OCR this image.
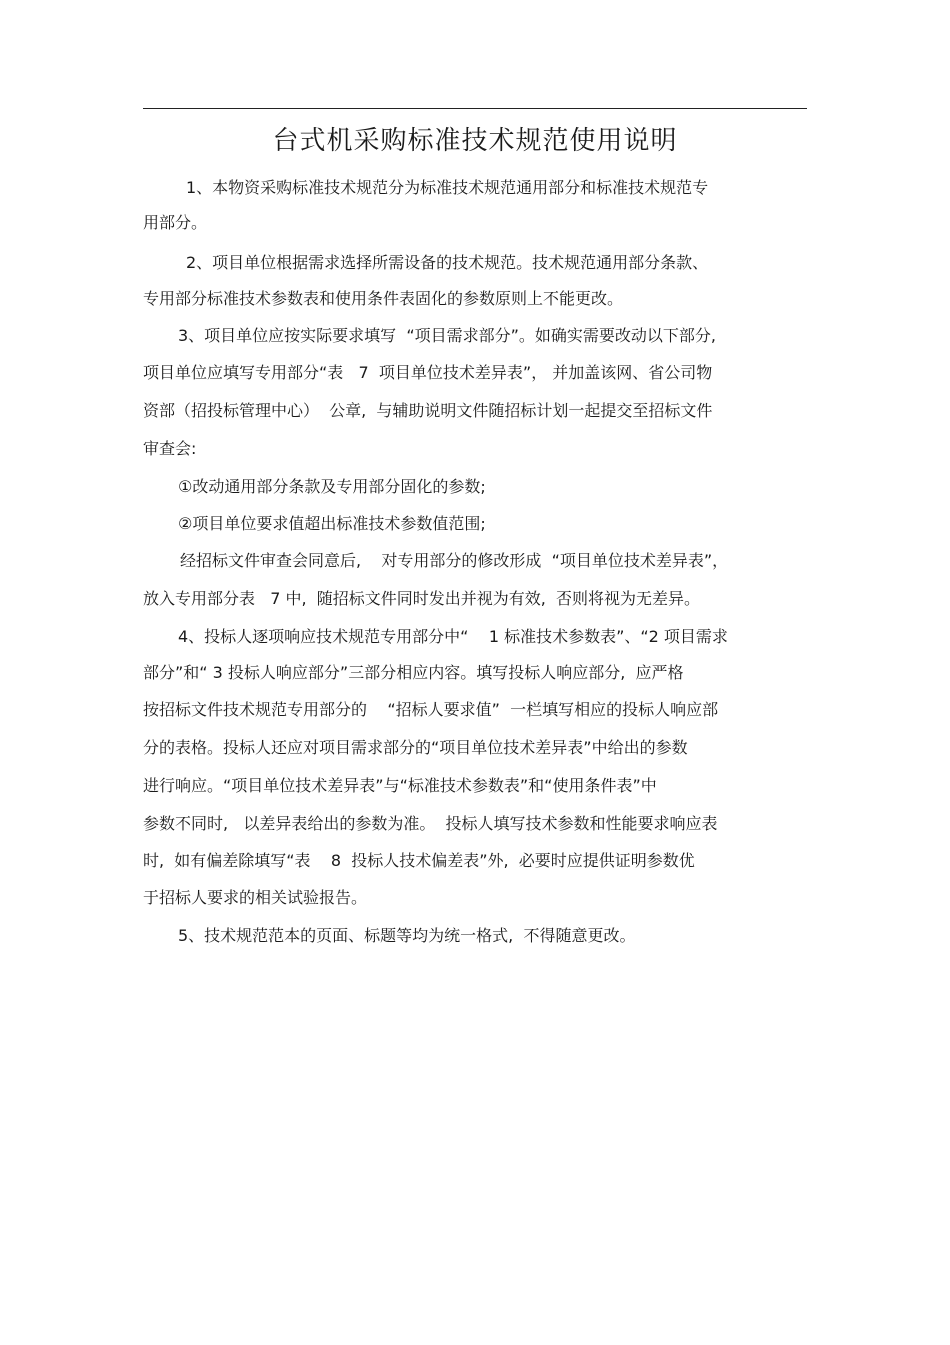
台式机采购标准技术规范使用说明
1、本物资采购标准技术规范分为标准技术规范通用部分和标准技术规范专
用部分。
2、项目单位根据需求选择所需设备的技术规范。技术规范通用部分条款、
专用部分标准技术参数表和使用条件表固化的参数原则上不能更改。
3、项目单位应按实际要求填写  “项目需求部分”。如确实需要改动以下部分,
项目单位应填写专用部分“表   7  项目单位技术差异表”， 并加盖该网、省公司物
资部（招投标管理中心）  公章,  与辅助说明文件随招标计划一起提交至招标文件
审查会:
①改动通用部分条款及专用部分固化的参数;
②项目单位要求值超出标准技术参数值范围;
经招标文件审查会同意后,    对专用部分的修改形成  “项目单位技术差异表”，
放入专用部分表   7 中,  随招标文件同时发出并视为有效,  否则将视为无差异。
4、投标人逐项响应技术规范专用部分中“    1 标准技术参数表”、“2 项目需求
部分”和“ 3 投标人响应部分”三部分相应内容。填写投标人响应部分,  应严格
按招标文件技术规范专用部分的    “招标人要求值”  一栏填写相应的投标人响应部
分的表格。投标人还应对项目需求部分的“项目单位技术差异表”中给出的参数
进行响应。“项目单位技术差异表”与“标准技术参数表”和“使用条件表”中
参数不同时,   以差异表给出的参数为准。  投标人填写技术参数和性能要求响应表
时,  如有偏差除填写“表    8  投标人技术偏差表”外,  必要时应提供证明参数优
于招标人要求的相关试验报告。
5、技术规范范本的页面、标题等均为统一格式,  不得随意更改。
